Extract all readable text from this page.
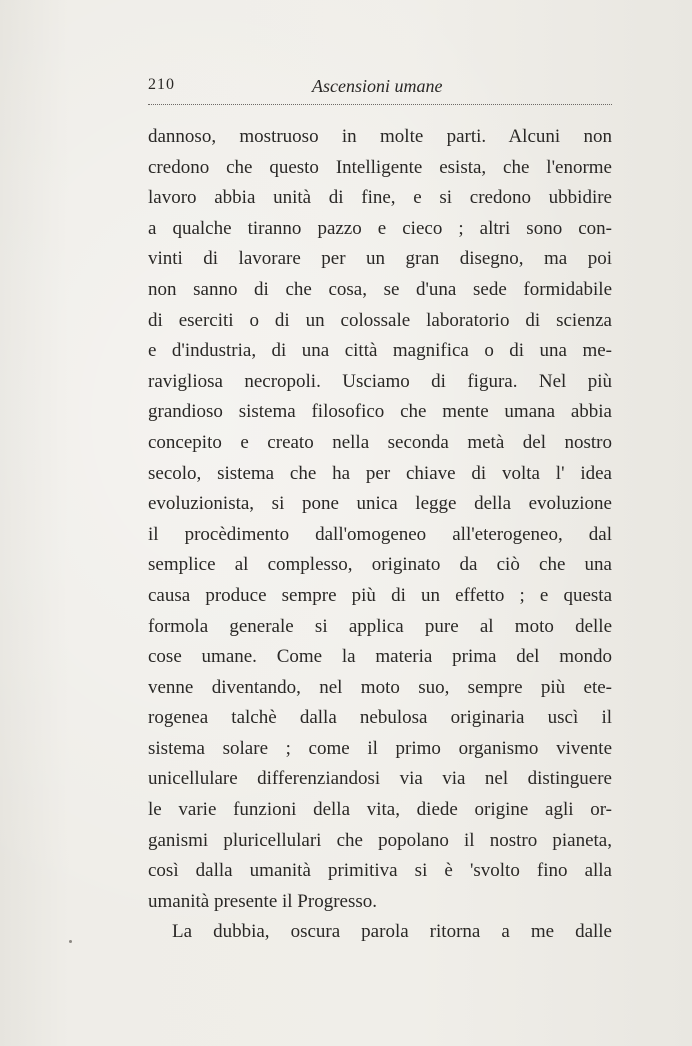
210	Ascensioni umane
dannoso, mostruoso in molte parti. Alcuni non
credono che questo Intelligente esista, che l'enorme
lavoro abbia unità di fine, e si credono ubbidire
a qualche tiranno pazzo e cieco ; altri sono con-
vinti di lavorare per un gran disegno, ma poi
non sanno di che cosa, se d'una sede formidabile
di eserciti o di un colossale laboratorio di scienza
e d'industria, di una città magnifica o di una me-
ravigliosa necropoli. Usciamo di figura. Nel più
grandioso sistema filosofico che mente umana abbia
concepito e creato nella seconda metà del nostro
secolo, sistema che ha per chiave di volta l' idea
evoluzionista, si pone unica legge della evoluzione
il procèdimento dall'omogeneo all'eterogeneo, dal
semplice al complesso, originato da ciò che una
causa produce sempre più di un effetto ; e questa
formola generale si applica pure al moto delle
cose umane. Come la materia prima del mondo
venne diventando, nel moto suo, sempre più ete-
rogenea talchè dalla nebulosa originaria uscì il
sistema solare ; come il primo organismo vivente
unicellulare differenziandosi via via nel distinguere
le varie funzioni della vita, diede origine agli or-
ganismi pluricellulari che popolano il nostro pianeta,
così dalla umanità primitiva si è 'svolto fino alla
umanità presente il Progresso.
La dubbia, oscura parola ritorna a me dalle
